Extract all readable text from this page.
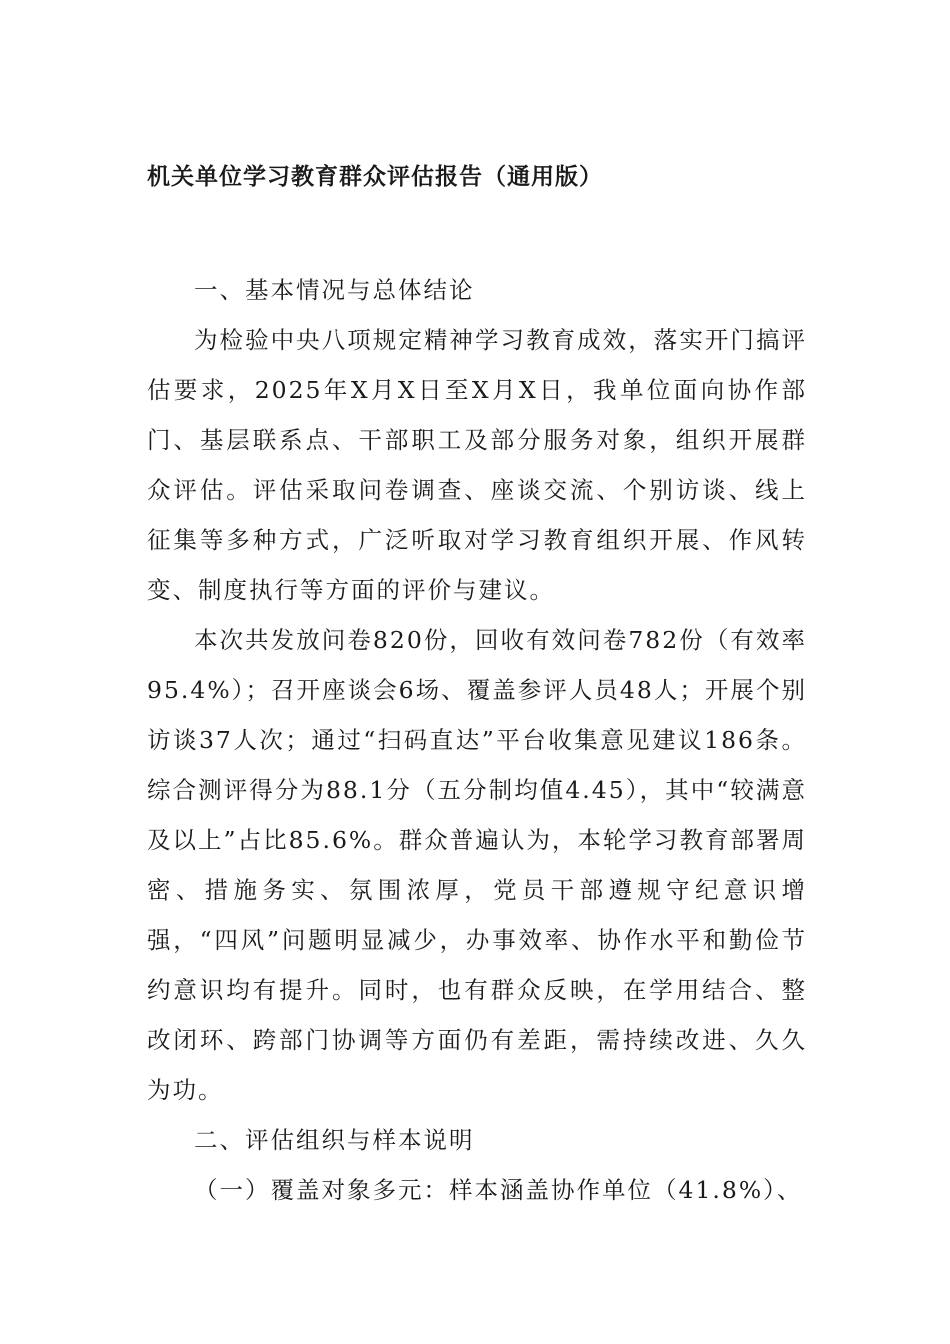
机关单位学习教育群众评估报告（通用版）

一、基本情况与总体结论

为检验中央八项规定精神学习教育成效，落实开门搞评估要求，2025年X月X日至X月X日，我单位面向协作部门、基层联系点、干部职工及部分服务对象，组织开展群众评估。评估采取问卷调查、座谈交流、个别访谈、线上征集等多种方式，广泛听取对学习教育组织开展、作风转变、制度执行等方面的评价与建议。

本次共发放问卷820份，回收有效问卷782份（有效率95.4%）；召开座谈会6场、覆盖参评人员48人；开展个别访谈37人次；通过“扫码直达”平台收集意见建议186条。综合测评得分为88.1分（五分制均值4.45），其中“较满意及以上”占比85.6%。群众普遍认为，本轮学习教育部署周密、措施务实、氛围浓厚，党员干部遵规守纪意识增强，“四风”问题明显减少，办事效率、协作水平和勤俭节约意识均有提升。同时，也有群众反映，在学用结合、整改闭环、跨部门协调等方面仍有差距，需持续改进、久久为功。

二、评估组织与样本说明

（一）覆盖对象多元：样本涵盖协作单位（41.8%）、
